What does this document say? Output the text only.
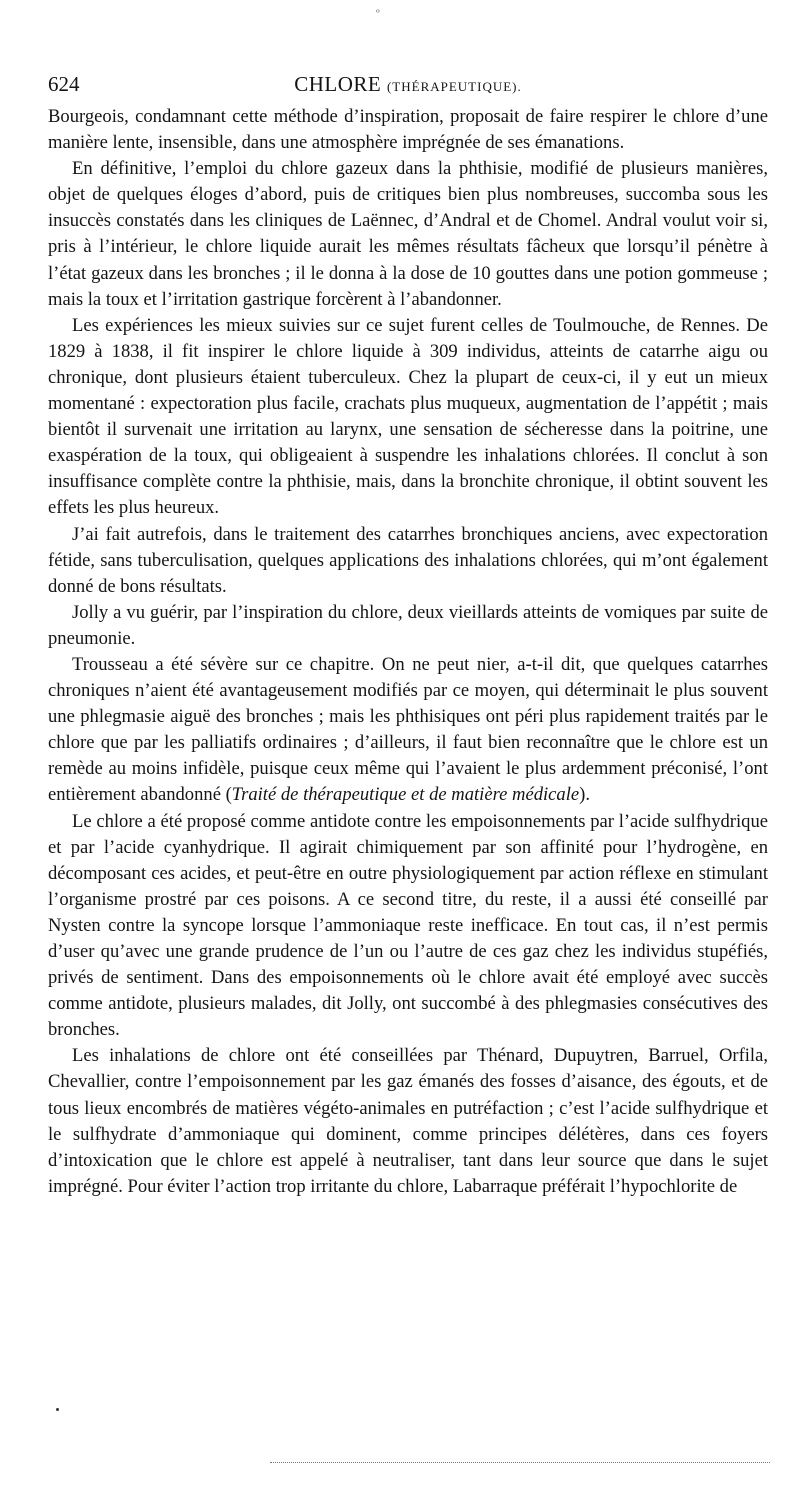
ᵒ
624	CHLORE (THÉRAPEUTIQUE).

Bourgeois, condamnant cette méthode d’inspiration, proposait de faire respirer le chlore d’une manière lente, insensible, dans une atmosphère imprégnée de ses émanations.

En définitive, l’emploi du chlore gazeux dans la phthisie, modifié de plusieurs manières, objet de quelques éloges d’abord, puis de critiques bien plus nombreuses, succomba sous les insuccès constatés dans les cliniques de Laënnec, d’Andral et de Chomel. Andral voulut voir si, pris à l’intérieur, le chlore liquide aurait les mêmes résultats fâcheux que lorsqu’il pénètre à l’état gazeux dans les bronches ; il le donna à la dose de 10 gouttes dans une potion gommeuse ; mais la toux et l’irritation gastrique forcèrent à l’abandonner.

Les expériences les mieux suivies sur ce sujet furent celles de Toulmouche, de Rennes. De 1829 à 1838, il fit inspirer le chlore liquide à 309 individus, atteints de catarrhe aigu ou chronique, dont plusieurs étaient tuberculeux. Chez la plupart de ceux-ci, il y eut un mieux momentané : expectoration plus facile, crachats plus muqueux, augmentation de l’appétit ; mais bientôt il survenait une irritation au larynx, une sensation de sécheresse dans la poitrine, une exaspération de la toux, qui obligeaient à suspendre les inhalations chlorées. Il conclut à son insuffisance complète contre la phthisie, mais, dans la bronchite chronique, il obtint souvent les effets les plus heureux.

J’ai fait autrefois, dans le traitement des catarrhes bronchiques anciens, avec expectoration fétide, sans tuberculisation, quelques applications des inhalations chlorées, qui m’ont également donné de bons résultats.

Jolly a vu guérir, par l’inspiration du chlore, deux vieillards atteints de vomiques par suite de pneumonie.

Trousseau a été sévère sur ce chapitre. On ne peut nier, a-t-il dit, que quelques catarrhes chroniques n’aient été avantageusement modifiés par ce moyen, qui déterminait le plus souvent une phlegmasie aiguë des bronches ; mais les phthisiques ont péri plus rapidement traités par le chlore que par les palliatifs ordinaires ; d’ailleurs, il faut bien reconnaître que le chlore est un remède au moins infidèle, puisque ceux même qui l’avaient le plus ardemment préconisé, l’ont entièrement abandonné (Traité de thérapeutique et de matière médicale).

Le chlore a été proposé comme antidote contre les empoisonnements par l’acide sulfhydrique et par l’acide cyanhydrique. Il agirait chimiquement par son affinité pour l’hydrogène, en décomposant ces acides, et peut-être en outre physiologiquement par action réflexe en stimulant l’organisme prostré par ces poisons. A ce second titre, du reste, il a aussi été conseillé par Nysten contre la syncope lorsque l’ammoniaque reste inefficace. En tout cas, il n’est permis d’user qu’avec une grande prudence de l’un ou l’autre de ces gaz chez les individus stupéfiés, privés de sentiment. Dans des empoisonnements où le chlore avait été employé avec succès comme antidote, plusieurs malades, dit Jolly, ont succombé à des phlegmasies consécutives des bronches.

Les inhalations de chlore ont été conseillées par Thénard, Dupuytren, Barruel, Orfila, Chevallier, contre l’empoisonnement par les gaz émanés des fosses d’aisance, des égouts, et de tous lieux encombrés de matières végéto-animales en putréfaction ; c’est l’acide sulfhydrique et le sulfhydrate d’ammoniaque qui dominent, comme principes délétères, dans ces foyers d’intoxication que le chlore est appelé à neutraliser, tant dans leur source que dans le sujet imprégné. Pour éviter l’action trop irritante du chlore, Labarraque préférait l’hypochlorite de
